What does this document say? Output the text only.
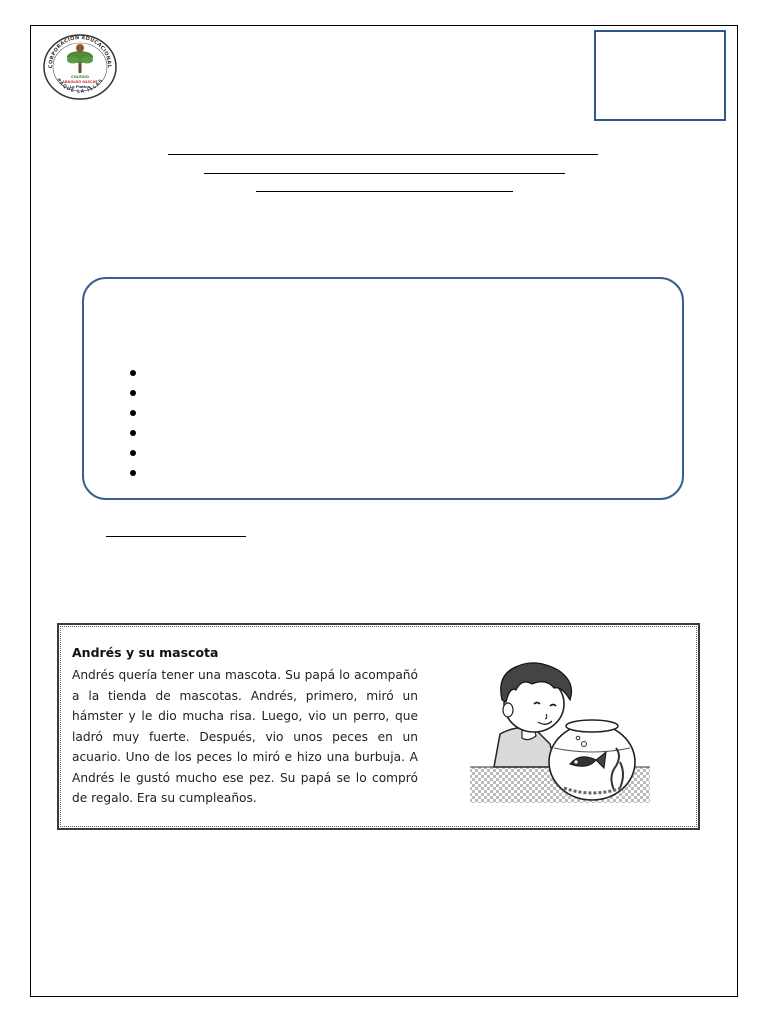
CORPORACION EDUCACIONAL
PAQUE LA ISLAS
COLEGIO
ARNOLDO GASCHE
La Platina
Andrés y su mascota

Andrés quería tener una mascota. Su papá lo acompañó a la tienda de mascotas. Andrés, primero, miró un hámster y le dio mucha risa. Luego, vio un perro, que ladró muy fuerte. Después, vio unos peces en un acuario. Uno de los peces lo miró e hizo una burbuja. A Andrés le gustó mucho ese pez. Su papá se lo compró de regalo. Era su cumpleaños.
